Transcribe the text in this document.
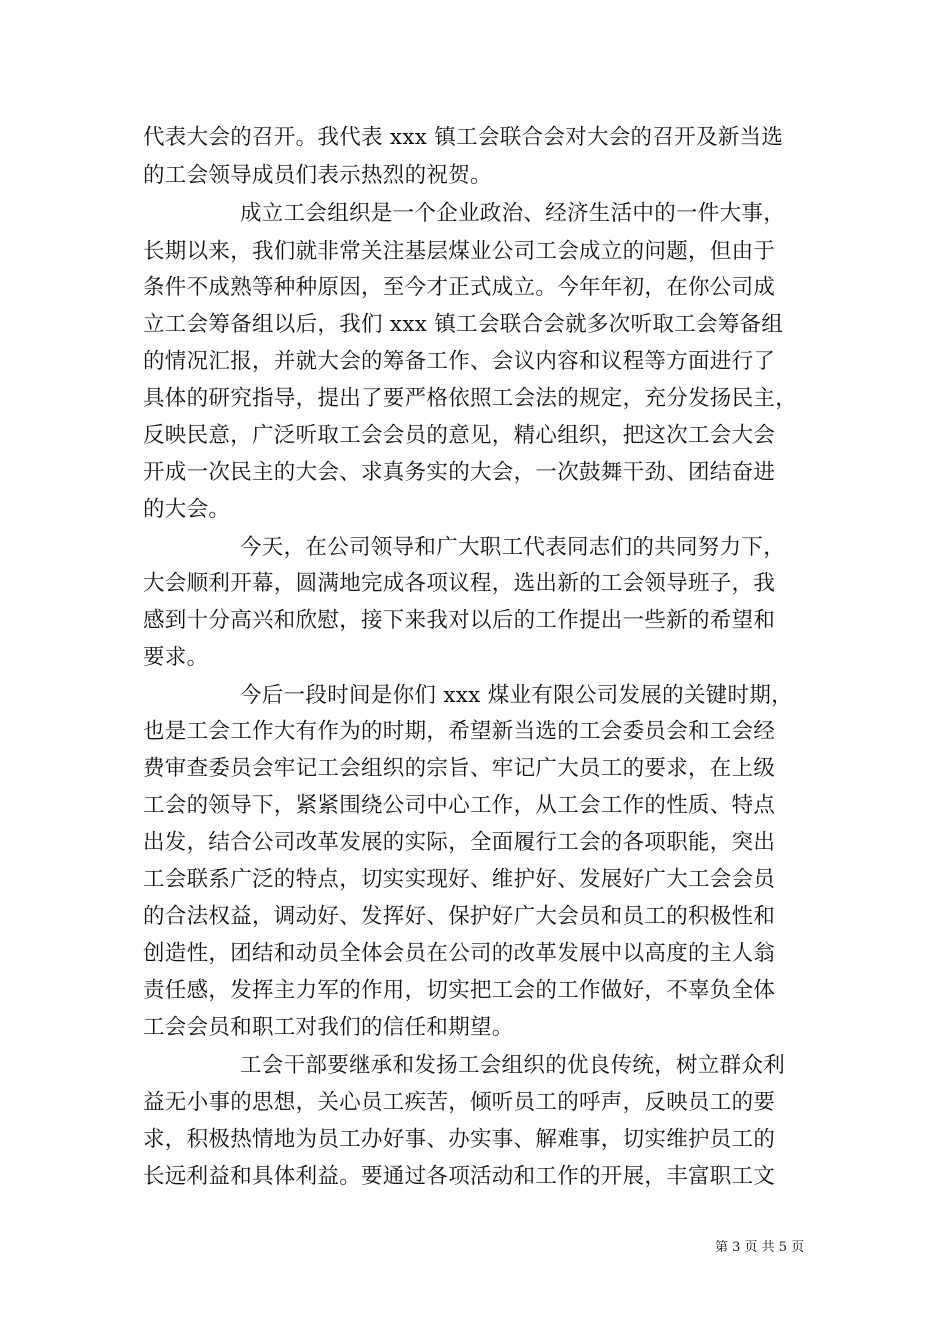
代表大会的召开。我代表 xxx 镇工会联合会对大会的召开及新当选
的工会领导成员们表示热烈的祝贺。
成立工会组织是一个企业政治、经济生活中的一件大事，
长期以来，我们就非常关注基层煤业公司工会成立的问题，但由于
条件不成熟等种种原因，至今才正式成立。今年年初，在你公司成
立工会筹备组以后，我们 xxx 镇工会联合会就多次听取工会筹备组
的情况汇报，并就大会的筹备工作、会议内容和议程等方面进行了
具体的研究指导，提出了要严格依照工会法的规定，充分发扬民主，
反映民意，广泛听取工会会员的意见，精心组织，把这次工会大会
开成一次民主的大会、求真务实的大会，一次鼓舞干劲、团结奋进
的大会。
今天，在公司领导和广大职工代表同志们的共同努力下，
大会顺利开幕，圆满地完成各项议程，选出新的工会领导班子，我
感到十分高兴和欣慰，接下来我对以后的工作提出一些新的希望和
要求。
今后一段时间是你们 xxx 煤业有限公司发展的关键时期，
也是工会工作大有作为的时期，希望新当选的工会委员会和工会经
费审查委员会牢记工会组织的宗旨、牢记广大员工的要求，在上级
工会的领导下，紧紧围绕公司中心工作，从工会工作的性质、特点
出发，结合公司改革发展的实际，全面履行工会的各项职能，突出
工会联系广泛的特点，切实实现好、维护好、发展好广大工会会员
的合法权益，调动好、发挥好、保护好广大会员和员工的积极性和
创造性，团结和动员全体会员在公司的改革发展中以高度的主人翁
责任感，发挥主力军的作用，切实把工会的工作做好，不辜负全体
工会会员和职工对我们的信任和期望。
工会干部要继承和发扬工会组织的优良传统，树立群众利
益无小事的思想，关心员工疾苦，倾听员工的呼声，反映员工的要
求，积极热情地为员工办好事、办实事、解难事，切实维护员工的
长远利益和具体利益。要通过各项活动和工作的开展，丰富职工文
第 3 页 共 5 页
